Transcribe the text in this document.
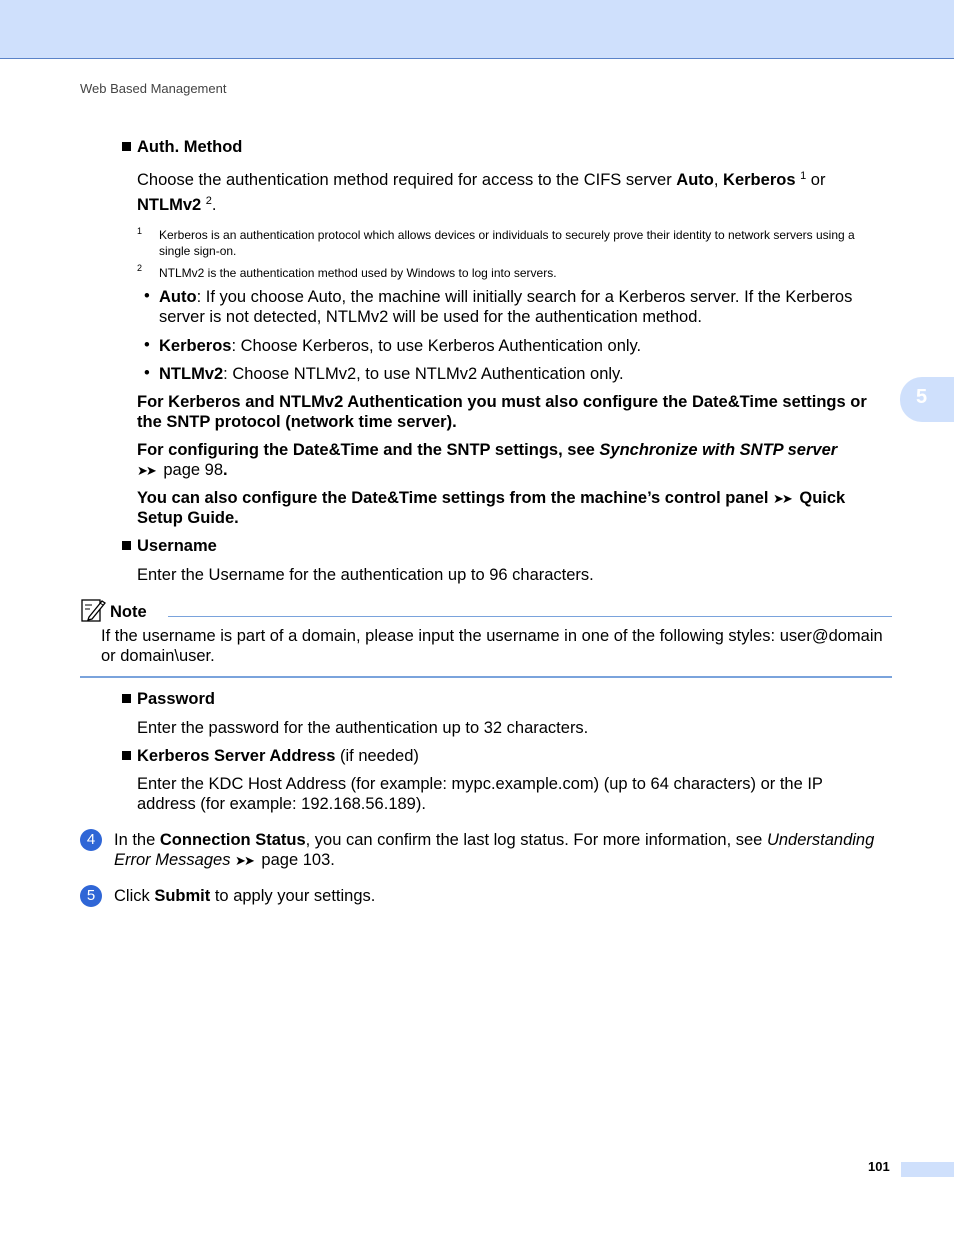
Web Based Management
5
Auth. Method
Choose the authentication method required for access to the CIFS server Auto, Kerberos $^1$ or
NTLMv2 $^2$.
1 Kerberos is an authentication protocol which allows devices or individuals to securely prove their identity to network servers using a
single sign-on.
2 NTLMv2 is the authentication method used by Windows to log into servers.
• Auto: If you choose Auto, the machine will initially search for a Kerberos server. If the Kerberos
server is not detected, NTLMv2 will be used for the authentication method.
• Kerberos: Choose Kerberos, to use Kerberos Authentication only.
• NTLMv2: Choose NTLMv2, to use NTLMv2 Authentication only.
For Kerberos and NTLMv2 Authentication you must also configure the Date&Time settings or
the SNTP protocol (network time server).
For configuring the Date&Time and the SNTP settings, see Synchronize with SNTP server
➤➤ page 98.
You can also configure the Date&Time settings from the machine’s control panel ➤➤ Quick
Setup Guide.
Username
Enter the Username for the authentication up to 96 characters.
Note
If the username is part of a domain, please input the username in one of the following styles: user@domain
or domain\user.
Password
Enter the password for the authentication up to 32 characters.
Kerberos Server Address (if needed)
Enter the KDC Host Address (for example: mypc.example.com) (up to 64 characters) or the IP
address (for example: 192.168.56.189).
4	In the Connection Status, you can confirm the last log status. For more information, see Understanding
Error Messages ➤➤ page 103.
5	Click Submit to apply your settings.
101
